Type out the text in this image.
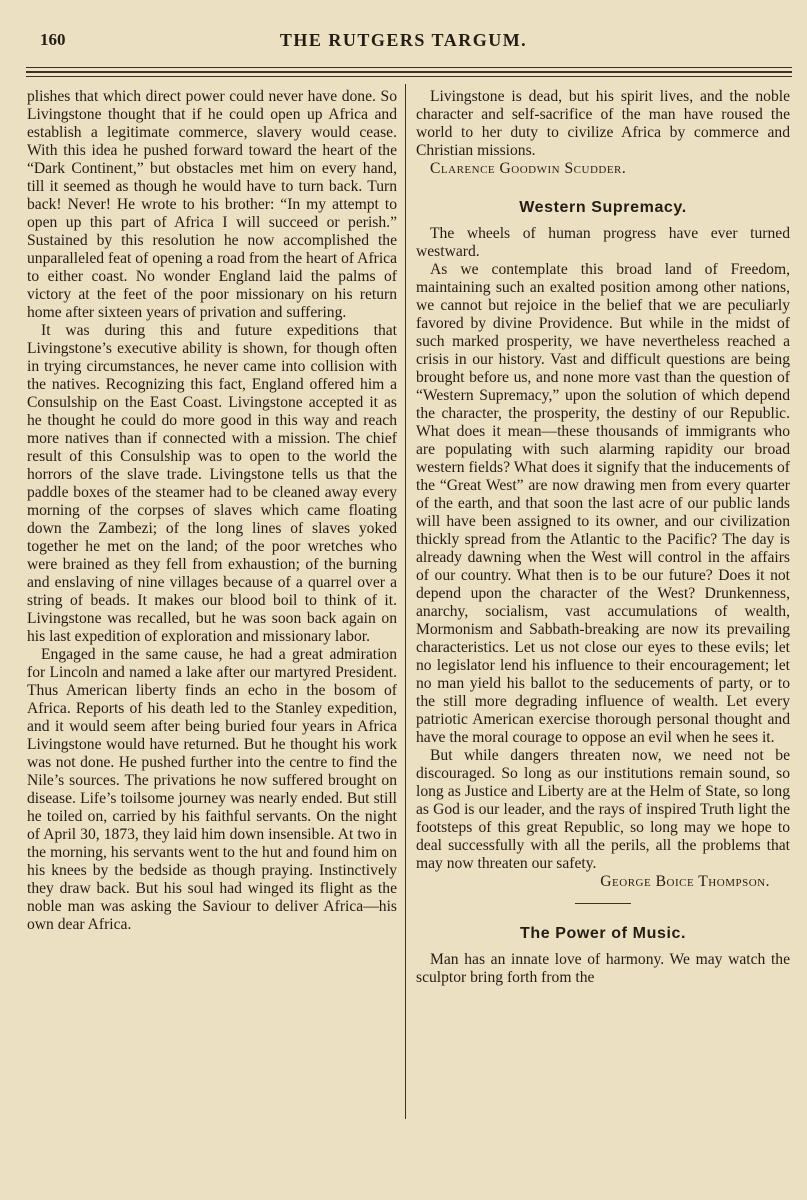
160	THE RUTGERS TARGUM.

plishes that which direct power could never have done. So Livingstone thought that if he could open up Africa and establish a legitimate commerce, slavery would cease. With this idea he pushed forward toward the heart of the “Dark Continent,” but obstacles met him on every hand, till it seemed as though he would have to turn back. Turn back! Never! He wrote to his brother: “In my attempt to open up this part of Africa I will succeed or perish.” Sustained by this resolution he now accomplished the unparalleled feat of opening a road from the heart of Africa to either coast. No wonder England laid the palms of victory at the feet of the poor missionary on his return home after sixteen years of privation and suffering.

It was during this and future expeditions that Livingstone’s executive ability is shown, for though often in trying circumstances, he never came into collision with the natives. Recognizing this fact, England offered him a Consulship on the East Coast. Livingstone accepted it as he thought he could do more good in this way and reach more natives than if connected with a mission. The chief result of this Consulship was to open to the world the horrors of the slave trade. Livingstone tells us that the paddle boxes of the steamer had to be cleaned away every morning of the corpses of slaves which came floating down the Zambezi; of the long lines of slaves yoked together he met on the land; of the poor wretches who were brained as they fell from exhaustion; of the burning and enslaving of nine villages because of a quarrel over a string of beads. It makes our blood boil to think of it. Livingstone was recalled, but he was soon back again on his last expedition of exploration and missionary labor.

Engaged in the same cause, he had a great admiration for Lincoln and named a lake after our martyred President. Thus American liberty finds an echo in the bosom of Africa. Reports of his death led to the Stanley expedition, and it would seem after being buried four years in Africa Livingstone would have returned. But he thought his work was not done. He pushed further into the centre to find the Nile’s sources. The privations he now suffered brought on disease. Life’s toilsome journey was nearly ended. But still he toiled on, carried by his faithful servants. On the night of April 30, 1873, they laid him down insensible. At two in the morning, his servants went to the hut and found him on his knees by the bedside as though praying. Instinctively they draw back. But his soul had winged its flight as the noble man was asking the Saviour to deliver Africa—his own dear Africa.

Livingstone is dead, but his spirit lives, and the noble character and self-sacrifice of the man have roused the world to her duty to civilize Africa by commerce and Christian missions.

Clarence Goodwin Scudder.

Western Supremacy.

The wheels of human progress have ever turned westward.

As we contemplate this broad land of Freedom, maintaining such an exalted position among other nations, we cannot but rejoice in the belief that we are peculiarly favored by divine Providence. But while in the midst of such marked prosperity, we have nevertheless reached a crisis in our history. Vast and difficult questions are being brought before us, and none more vast than the question of “Western Supremacy,” upon the solution of which depend the character, the prosperity, the destiny of our Republic. What does it mean—these thousands of immigrants who are populating with such alarming rapidity our broad western fields? What does it signify that the inducements of the “Great West” are now drawing men from every quarter of the earth, and that soon the last acre of our public lands will have been assigned to its owner, and our civilization thickly spread from the Atlantic to the Pacific? The day is already dawning when the West will control in the affairs of our country. What then is to be our future? Does it not depend upon the character of the West? Drunkenness, anarchy, socialism, vast accumulations of wealth, Mormonism and Sabbath-breaking are now its prevailing characteristics. Let us not close our eyes to these evils; let no legislator lend his influence to their encouragement; let no man yield his ballot to the seducements of party, or to the still more degrading influence of wealth. Let every patriotic American exercise thorough personal thought and have the moral courage to oppose an evil when he sees it.

But while dangers threaten now, we need not be discouraged. So long as our institutions remain sound, so long as Justice and Liberty are at the Helm of State, so long as God is our leader, and the rays of inspired Truth light the footsteps of this great Republic, so long may we hope to deal successfully with all the perils, all the problems that may now threaten our safety.
George Boice Thompson.

The Power of Music.

Man has an innate love of harmony. We may watch the sculptor bring forth from the
